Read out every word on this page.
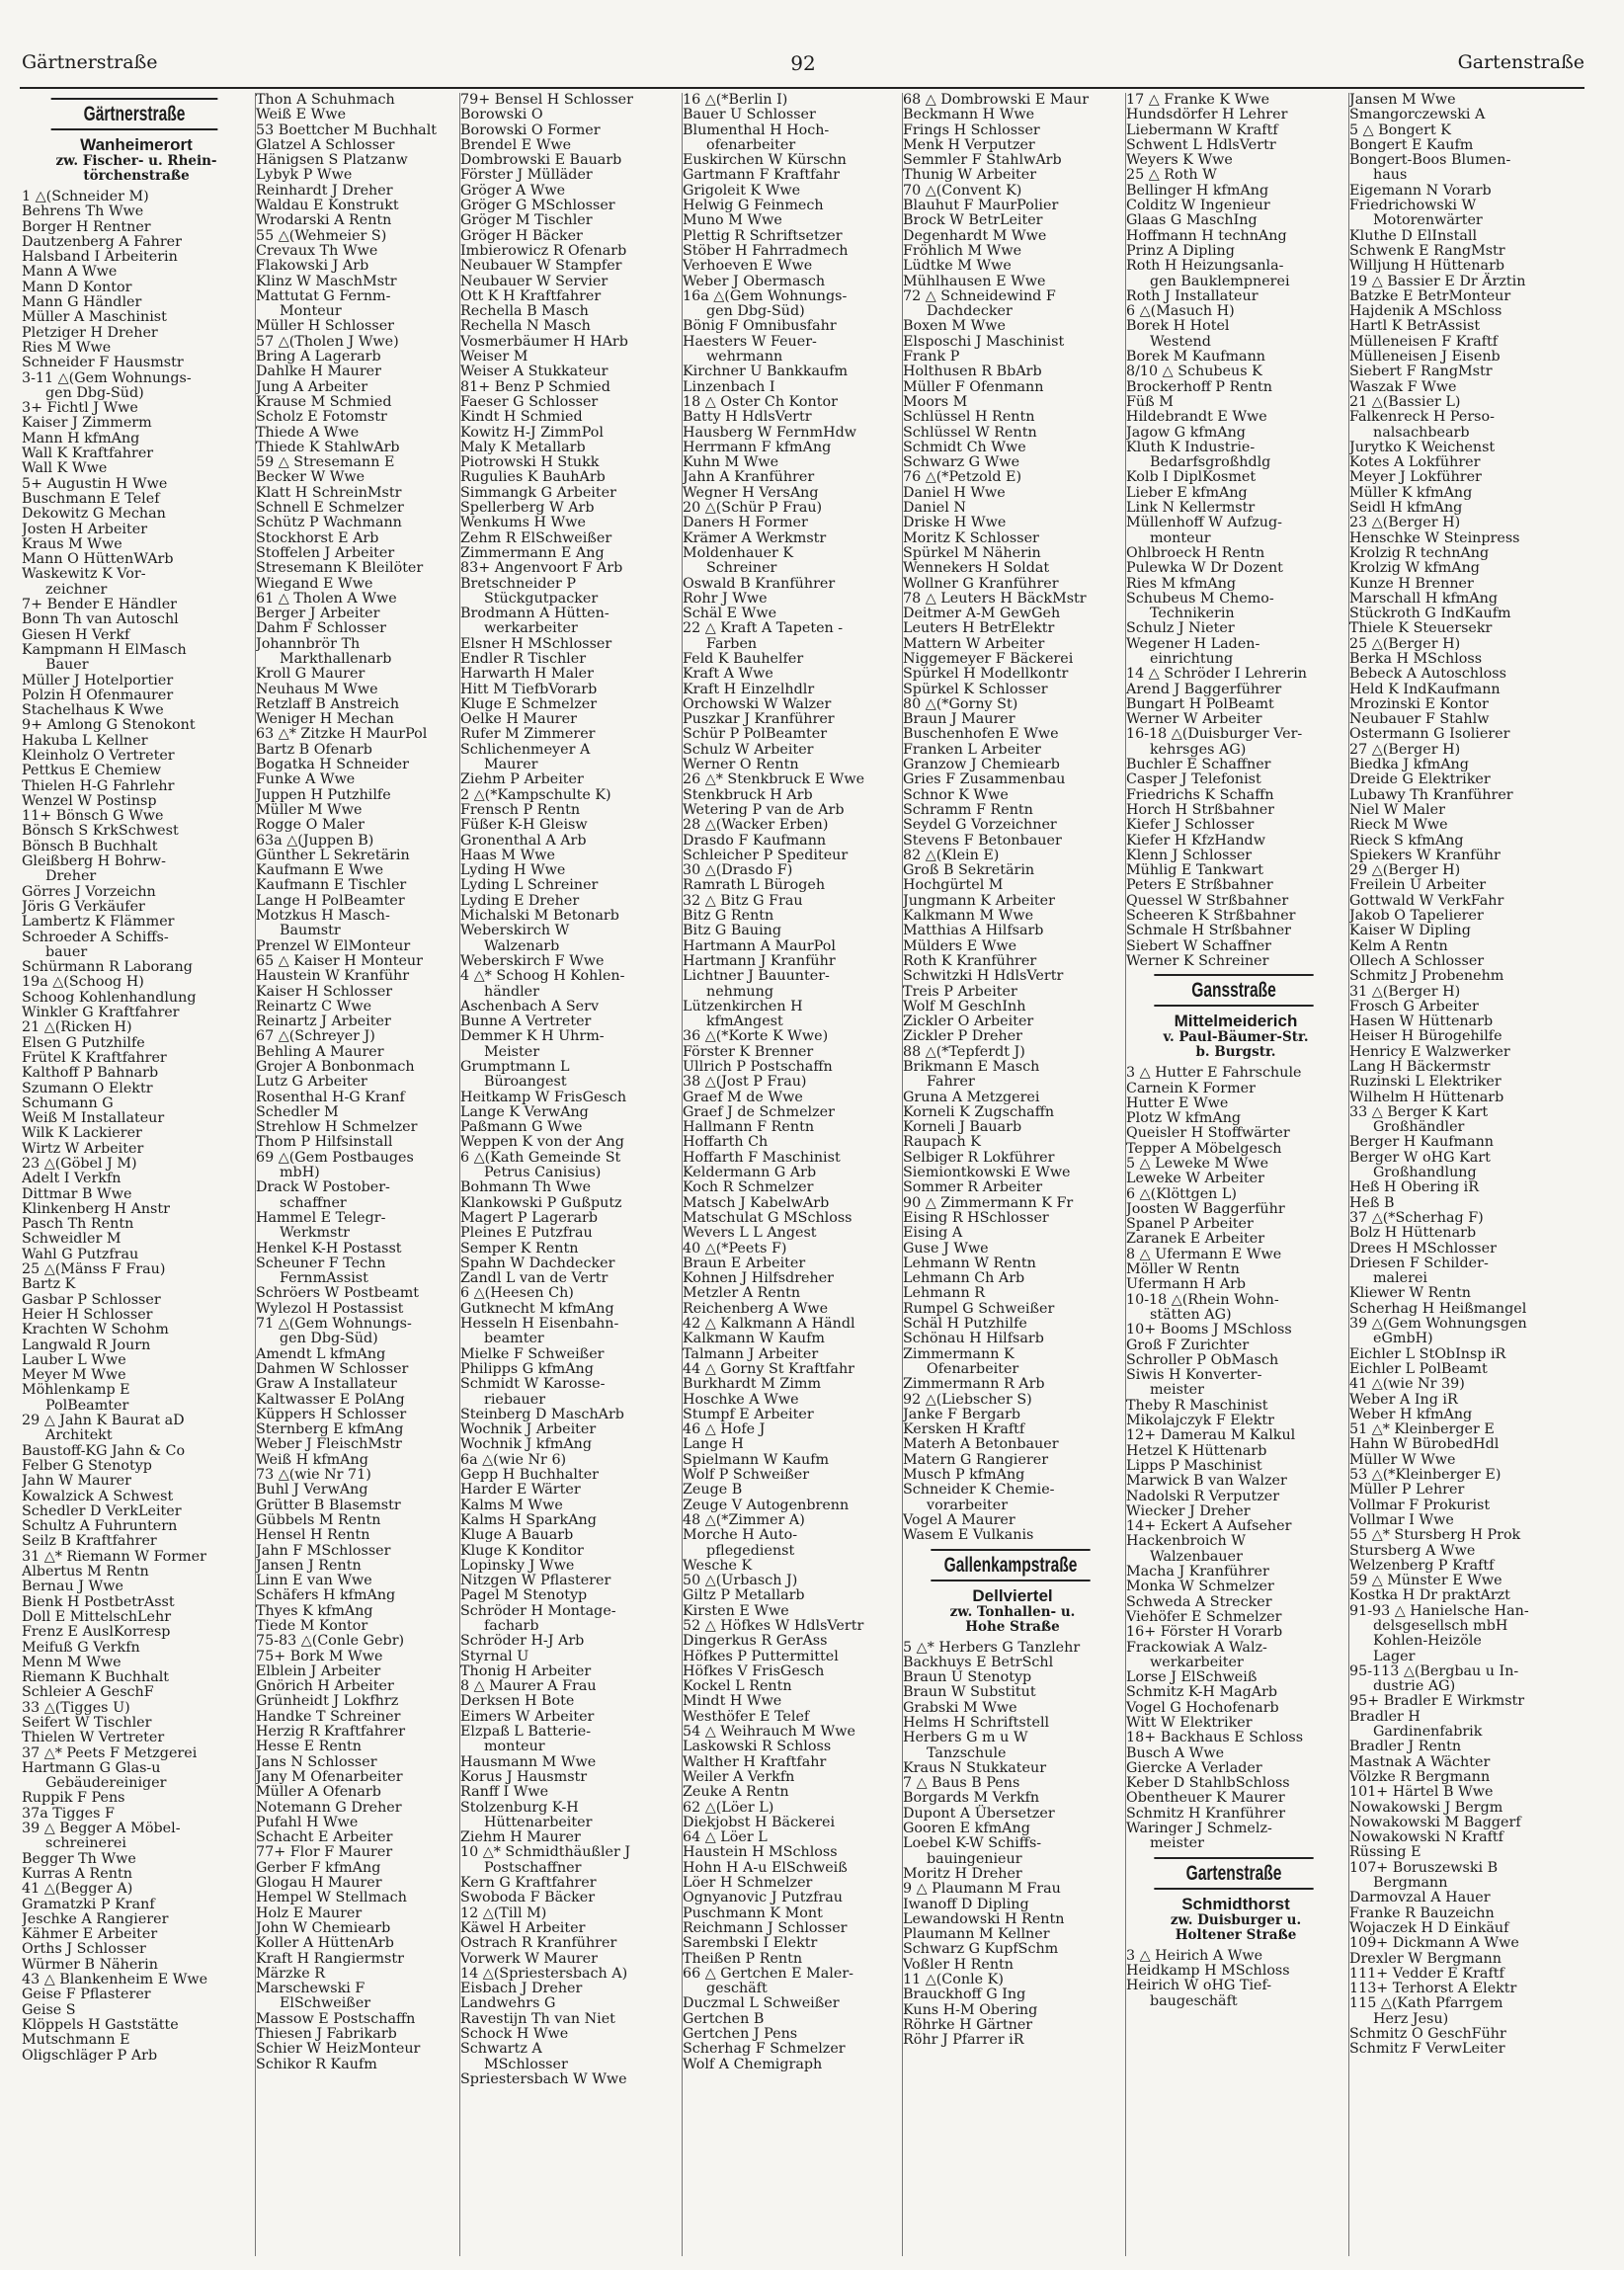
Gärtnerstraße	92	Gartenstraße
Gärtnerstraße
Wanheimerort
zw. Fischer- u. Rhein-
törchenstraße
1 △(Schneider M)
Behrens Th Wwe
Borger H Rentner
Dautzenberg A Fahrer
Halsband I Arbeiterin
Mann A Wwe
Mann D Kontor
Mann G Händler
Müller A Maschinist
Pletziger H Dreher
Ries M Wwe
Schneider F Hausmstr
3-11 △(Gem Wohnungs-
gen Dbg-Süd)
3+ Fichtl J Wwe
Kaiser J Zimmerm
Mann H kfmAng
Wall K Kraftfahrer
Wall K Wwe
5+ Augustin H Wwe
Buschmann E Telef
Dekowitz G Mechan
Josten H Arbeiter
Kraus M Wwe
Mann O HüttenWArb
Waskewitz K Vor-
zeichner
7+ Bender E Händler
Bonn Th van Autoschl
Giesen H Verkf
Kampmann H ElMasch
Bauer
Müller J Hotelportier
Polzin H Ofenmaurer
Stachelhaus K Wwe
9+ Amlong G Stenokont
Hakuba L Kellner
Kleinholz O Vertreter
Pettkus E Chemiew
Thielen H-G Fahrlehr
Wenzel W Postinsp
11+ Bönsch G Wwe
Bönsch S KrkSchwest
Bönsch B Buchhalt
Gleißberg H Bohrw-
Dreher
Görres J Vorzeichn
Jöris G Verkäufer
Lambertz K Flämmer
Schroeder A Schiffs-
bauer
Schürmann R Laborang
19a △(Schoog H)
Schoog Kohlenhandlung
Winkler G Kraftfahrer
21 △(Ricken H)
Elsen G Putzhilfe
Frütel K Kraftfahrer
Kalthoff P Bahnarb
Szumann O Elektr
Schumann G
Weiß M Installateur
Wilk K Lackierer
Wirtz W Arbeiter
23 △(Göbel J M)
Adelt I Verkfn
Dittmar B Wwe
Klinkenberg H Anstr
Pasch Th Rentn
Schweidler M
Wahl G Putzfrau
25 △(Mänss F Frau)
Bartz K
Gasbar P Schlosser
Heier H Schlosser
Krachten W Schohm
Langwald R Journ
Lauber L Wwe
Meyer M Wwe
Möhlenkamp E
PolBeamter
29 △ Jahn K Baurat aD
Architekt
Baustoff-KG Jahn & Co
Felber G Stenotyp
Jahn W Maurer
Kowalzick A Schwest
Schedler D VerkLeiter
Schultz A Fuhruntern
Seilz B Kraftfahrer
31 △* Riemann W Former
Albertus M Rentn
Bernau J Wwe
Bienk H PostbetrAsst
Doll E MittelschLehr
Frenz E AuslKorresp
Meifuß G Verkfn
Menn M Wwe
Riemann K Buchhalt
Schleier A GeschF
33 △(Tigges U)
Seifert W Tischler
Thielen W Vertreter
37 △* Peets F Metzgerei
Hartmann G Glas-u
Gebäudereiniger
Ruppik F Pens
37a Tigges F
39 △ Begger A Möbel-
schreinerei
Begger Th Wwe
Kurras A Rentn
41 △(Begger A)
Gramatzki P Kranf
Jeschke A Rangierer
Kähmer E Arbeiter
Orths J Schlosser
Würmer B Näherin
43 △ Blankenheim E Wwe
Geise F Pflasterer
Geise S
Klöppels H Gaststätte
Mutschmann E
Oligschläger P Arb
Thon A Schuhmach
Weiß E Wwe
53 Boettcher M Buchhalt
Glatzel A Schlosser
Hänigsen S Platzanw
Lybyk P Wwe
Reinhardt J Dreher
Waldau E Konstrukt
Wrodarski A Rentn
55 △(Wehmeier S)
Crevaux Th Wwe
Flakowski J Arb
Klinz W MaschMstr
Mattutat G Fernm-
Monteur
Müller H Schlosser
57 △(Tholen J Wwe)
Bring A Lagerarb
Dahlke H Maurer
Jung A Arbeiter
Krause M Schmied
Scholz E Fotomstr
Thiede A Wwe
Thiede K StahlwArb
59 △ Stresemann E
Becker W Wwe
Klatt H SchreinMstr
Schnell E Schmelzer
Schütz P Wachmann
Stockhorst E Arb
Stoffelen J Arbeiter
Stresemann K Bleilöter
Wiegand E Wwe
61 △ Tholen A Wwe
Berger J Arbeiter
Dahm F Schlosser
Johannbrör Th
Markthallenarb
Kroll G Maurer
Neuhaus M Wwe
Retzlaff B Anstreich
Weniger H Mechan
63 △* Zitzke H MaurPol
Bartz B Ofenarb
Bogatka H Schneider
Funke A Wwe
Juppen H Putzhilfe
Müller M Wwe
Rogge O Maler
63a △(Juppen B)
Günther L Sekretärin
Kaufmann E Wwe
Kaufmann E Tischler
Lange H PolBeamter
Motzkus H Masch-
Baumstr
Prenzel W ElMonteur
65 △ Kaiser H Monteur
Haustein W Kranführ
Kaiser H Schlosser
Reinartz C Wwe
Reinartz J Arbeiter
67 △(Schreyer J)
Behling A Maurer
Grojer A Bonbonmach
Lutz G Arbeiter
Rosenthal H-G Kranf
Schedler M
Strehlow H Schmelzer
Thom P Hilfsinstall
69 △(Gem Postbauges
mbH)
Drack W Postober-
schaffner
Hammel E Telegr-
Werkmstr
Henkel K-H Postasst
Scheuner F Techn
FernmAssist
Schröers W Postbeamt
Wylezol H Postassist
71 △(Gem Wohnungs-
gen Dbg-Süd)
Amendt L kfmAng
Dahmen W Schlosser
Graw A Installateur
Kaltwasser E PolAng
Küppers H Schlosser
Sternberg E kfmAng
Weber J FleischMstr
Weiß H kfmAng
73 △(wie Nr 71)
Buhl J VerwAng
Grütter B Blasemstr
Gübbels M Rentn
Hensel H Rentn
Jahn F MSchlosser
Jansen J Rentn
Linn E van Wwe
Schäfers H kfmAng
Thyes K kfmAng
Tiede M Kontor
75-83 △(Conle Gebr)
75+ Bork M Wwe
Elblein J Arbeiter
Gnörich H Arbeiter
Grünheidt J Lokfhrz
Handke T Schreiner
Herzig R Kraftfahrer
Hesse E Rentn
Jans N Schlosser
Jany M Ofenarbeiter
Müller A Ofenarb
Notemann G Dreher
Pufahl H Wwe
Schacht E Arbeiter
77+ Flor F Maurer
Gerber F kfmAng
Glogau H Maurer
Hempel W Stellmach
Holz E Maurer
John W Chemiearb
Koller A HüttenArb
Kraft H Rangiermstr
Märzke R
Marschewski F
ElSchweißer
Massow E Postschaffn
Thiesen J Fabrikarb
Schier W HeizMonteur
Schikor R Kaufm
79+ Bensel H Schlosser
Borowski O
Borowski O Former
Brendel E Wwe
Dombrowski E Bauarb
Förster J Mülläder
Gröger A Wwe
Gröger G MSchlosser
Gröger M Tischler
Gröger H Bäcker
Imbierowicz R Ofenarb
Neubauer W Stampfer
Neubauer W Servier
Ott K H Kraftfahrer
Rechella B Masch
Rechella N Masch
Vosmerbäumer H HArb
Weiser M
Weiser A Stukkateur
81+ Benz P Schmied
Faeser G Schlosser
Kindt H Schmied
Kowitz H-J ZimmPol
Maly K Metallarb
Piotrowski H Stukk
Rugulies K BauhArb
Simmangk G Arbeiter
Spellerberg W Arb
Wenkums H Wwe
Zehm R ElSchweißer
Zimmermann E Ang
83+ Angenvoort F Arb
Bretschneider P
Stückgutpacker
Brodmann A Hütten-
werkarbeiter
Elsner H MSchlosser
Endler R Tischler
Harwarth H Maler
Hitt M TiefbVorarb
Kluge E Schmelzer
Oelke H Maurer
Rufer M Zimmerer
Schlichenmeyer A
Maurer
Ziehm P Arbeiter
2 △(*Kampschulte K)
Frensch P Rentn
Füßer K-H Gleisw
Gronenthal A Arb
Haas M Wwe
Lyding H Wwe
Lyding L Schreiner
Lyding E Dreher
Michalski M Betonarb
Weberskirch W
Walzenarb
Weberskirch F Wwe
4 △* Schoog H Kohlen-
händler
Aschenbach A Serv
Bunne A Vertreter
Demmer K H Uhrm-
Meister
Grumptmann L
Büroangest
Heitkamp W FrisGesch
Lange K VerwAng
Paßmann G Wwe
Weppen K von der Ang
6 △(Kath Gemeinde St
Petrus Canisius)
Bohmann Th Wwe
Klankowski P Gußputz
Magert P Lagerarb
Pleines E Putzfrau
Semper K Rentn
Spahn W Dachdecker
Zandl L van de Vertr
6 △(Heesen Ch)
Gutknecht M kfmAng
Hesseln H Eisenbahn-
beamter
Mielke F Schweißer
Philipps G kfmAng
Schmidt W Karosse-
riebauer
Steinberg D MaschArb
Wochnik J Arbeiter
Wochnik J kfmAng
6a △(wie Nr 6)
Gepp H Buchhalter
Harder E Wärter
Kalms M Wwe
Kalms H SparkAng
Kluge A Bauarb
Kluge K Konditor
Lopinsky J Wwe
Nitzgen W Pflasterer
Pagel M Stenotyp
Schröder H Montage-
facharb
Schröder H-J Arb
Styrnal U
Thonig H Arbeiter
8 △ Maurer A Frau
Derksen H Bote
Eimers W Arbeiter
Elzpaß L Batterie-
monteur
Hausmann M Wwe
Korus J Hausmstr
Ranff I Wwe
Stolzenburg K-H
Hüttenarbeiter
Ziehm H Maurer
10 △* Schmidthäußler J
Postschaffner
Kern G Kraftfahrer
Swoboda F Bäcker
12 △(Till M)
Käwel H Arbeiter
Ostrach R Kranführer
Vorwerk W Maurer
14 △(Spriestersbach A)
Eisbach J Dreher
Landwehrs G
Ravestijn Th van Niet
Schock H Wwe
Schwartz A
MSchlosser
Spriestersbach W Wwe
16 △(*Berlin I)
Bauer U Schlosser
Blumenthal H Hoch-
ofenarbeiter
Euskirchen W Kürschn
Gartmann F Kraftfahr
Grigoleit K Wwe
Helwig G Feinmech
Muno M Wwe
Plettig R Schriftsetzer
Stöber H Fahrradmech
Verhoeven E Wwe
Weber J Obermasch
16a △(Gem Wohnungs-
gen Dbg-Süd)
Bönig F Omnibusfahr
Haesters W Feuer-
wehrmann
Kirchner U Bankkaufm
Linzenbach I
18 △ Oster Ch Kontor
Batty H HdlsVertr
Hausberg W FernmHdw
Herrmann F kfmAng
Kuhn M Wwe
Jahn A Kranführer
Wegner H VersAng
20 △(Schür P Frau)
Daners H Former
Krämer A Werkmstr
Moldenhauer K
Schreiner
Oswald B Kranführer
Rohr J Wwe
Schäl E Wwe
22 △ Kraft A Tapeten -
Farben
Feld K Bauhelfer
Kraft A Wwe
Kraft H Einzelhdlr
Orchowski W Walzer
Puszkar J Kranführer
Schür P PolBeamter
Schulz W Arbeiter
Werner O Rentn
26 △* Stenkbruck E Wwe
Stenkbruck H Arb
Wetering P van de Arb
28 △(Wacker Erben)
Drasdo F Kaufmann
Schleicher P Spediteur
30 △(Drasdo F)
Ramrath L Bürogeh
32 △ Bitz G Frau
Bitz G Rentn
Bitz G Bauing
Hartmann A MaurPol
Hartmann J Kranführ
Lichtner J Bauunter-
nehmung
Lützenkirchen H
kfmAngest
36 △(*Korte K Wwe)
Förster K Brenner
Ullrich P Postschaffn
38 △(Jost P Frau)
Graef M de Wwe
Graef J de Schmelzer
Hallmann F Rentn
Hoffarth Ch
Hoffarth F Maschinist
Keldermann G Arb
Koch R Schmelzer
Matsch J KabelwArb
Matschulat G MSchloss
Wevers L L Angest
40 △(*Peets F)
Braun E Arbeiter
Kohnen J Hilfsdreher
Metzler A Rentn
Reichenberg A Wwe
42 △ Kalkmann A Händl
Kalkmann W Kaufm
Talmann J Arbeiter
44 △ Gorny St Kraftfahr
Burkhardt M Zimm
Hoschke A Wwe
Stumpf E Arbeiter
46 △ Hofe J
Lange H
Spielmann W Kaufm
Wolf P Schweißer
Zeuge B
Zeuge V Autogenbrenn
48 △(*Zimmer A)
Morche H Auto-
pflegedienst
Wesche K
50 △(Urbasch J)
Giltz P Metallarb
Kirsten E Wwe
52 △ Höfkes W HdlsVertr
Dingerkus R GerAss
Höfkes P Puttermittel
Höfkes V FrisGesch
Kockel L Rentn
Mindt H Wwe
Westhöfer E Telef
54 △ Weihrauch M Wwe
Laskowski R Schloss
Walther H Kraftfahr
Weiler A Verkfn
Zeuke A Rentn
62 △(Löer L)
Diekjobst H Bäckerei
64 △ Löer L
Haustein H MSchloss
Hohn H A-u ElSchweiß
Löer H Schmelzer
Ognyanovic J Putzfrau
Puschmann K Mont
Reichmann J Schlosser
Sarembski I Elektr
Theißen P Rentn
66 △ Gertchen E Maler-
geschäft
Duczmal L Schweißer
Gertchen B
Gertchen J Pens
Scherhag F Schmelzer
Wolf A Chemigraph
68 △ Dombrowski E Maur
Beckmann H Wwe
Frings H Schlosser
Menk H Verputzer
Semmler F StahlwArb
Thunig W Arbeiter
70 △(Convent K)
Blauhut F MaurPolier
Brock W BetrLeiter
Degenhardt M Wwe
Fröhlich M Wwe
Lüdtke M Wwe
Mühlhausen E Wwe
72 △ Schneidewind F
Dachdecker
Boxen M Wwe
Elsposchi J Maschinist
Frank P
Holthusen R BbArb
Müller F Ofenmann
Moors M
Schlüssel H Rentn
Schlüssel W Rentn
Schmidt Ch Wwe
Schwarz G Wwe
76 △(*Petzold E)
Daniel H Wwe
Daniel N
Driske H Wwe
Moritz K Schlosser
Spürkel M Näherin
Wennekers H Soldat
Wollner G Kranführer
78 △ Leuters H BäckMstr
Deitmer A-M GewGeh
Leuters H BetrElektr
Mattern W Arbeiter
Niggemeyer F Bäckerei
Spürkel H Modellkontr
Spürkel K Schlosser
80 △(*Gorny St)
Braun J Maurer
Buschenhofen E Wwe
Franken L Arbeiter
Granzow J Chemiearb
Gries F Zusammenbau
Schnor K Wwe
Schramm F Rentn
Seydel G Vorzeichner
Stevens F Betonbauer
82 △(Klein E)
Groß B Sekretärin
Hochgürtel M
Jungmann K Arbeiter
Kalkmann M Wwe
Matthias A Hilfsarb
Mülders E Wwe
Roth K Kranführer
Schwitzki H HdlsVertr
Treis P Arbeiter
Wolf M GeschInh
Zickler O Arbeiter
Zickler P Dreher
88 △(*Tepferdt J)
Brikmann E Masch
Fahrer
Gruna A Metzgerei
Korneli K Zugschaffn
Korneli J Bauarb
Raupach K
Selbiger R Lokführer
Siemiontkowski E Wwe
Sommer R Arbeiter
90 △ Zimmermann K Fr
Eising R HSchlosser
Eising A
Guse J Wwe
Lehmann W Rentn
Lehmann Ch Arb
Lehmann R
Rumpel G Schweißer
Schäl H Putzhilfe
Schönau H Hilfsarb
Zimmermann K
Ofenarbeiter
Zimmermann R Arb
92 △(Liebscher S)
Janke F Bergarb
Kersken H Kraftf
Materh A Betonbauer
Matern G Rangierer
Musch P kfmAng
Schneider K Chemie-
vorarbeiter
Vogel A Maurer
Wasem E Vulkanis
Gallenkampstraße
Dellviertel
zw. Tonhallen- u.
Hohe Straße
5 △* Herbers G Tanzlehr
Backhuys E BetrSchl
Braun U Stenotyp
Braun W Substitut
Grabski M Wwe
Helms H Schriftstell
Herbers G m u W
Tanzschule
Kraus N Stukkateur
7 △ Baus B Pens
Borgards M Verkfn
Dupont A Übersetzer
Gooren E kfmAng
Loebel K-W Schiffs-
bauingenieur
Moritz H Dreher
9 △ Plaumann M Frau
Iwanoff D Dipling
Lewandowski H Rentn
Plaumann M Kellner
Schwarz G KupfSchm
Voßler H Rentn
11 △(Conle K)
Brauckhoff G Ing
Kuns H-M Obering
Röhrke H Gärtner
Röhr J Pfarrer iR
17 △ Franke K Wwe
Hundsdörfer H Lehrer
Liebermann W Kraftf
Schwent L HdlsVertr
Weyers K Wwe
25 △ Roth W
Bellinger H kfmAng
Colditz W Ingenieur
Glaas G MaschIng
Hoffmann H technAng
Prinz A Dipling
Roth H Heizungsanla-
gen Bauklempnerei
Roth J Installateur
6 △(Masuch H)
Borek H Hotel
Westend
Borek M Kaufmann
8/10 △ Schubeus K
Brockerhoff P Rentn
Füß M
Hildebrandt E Wwe
Jagow G kfmAng
Kluth K Industrie-
Bedarfsgroßhdlg
Kolb I DiplKosmet
Lieber E kfmAng
Link N Kellermstr
Müllenhoff W Aufzug-
monteur
Ohlbroeck H Rentn
Pulewka W Dr Dozent
Ries M kfmAng
Schubeus M Chemo-
Technikerin
Schulz J Nieter
Wegener H Laden-
einrichtung
14 △ Schröder I Lehrerin
Arend J Baggerführer
Bungart H PolBeamt
Werner W Arbeiter
16-18 △(Duisburger Ver-
kehrsges AG)
Buchler E Schaffner
Casper J Telefonist
Friedrichs K Schaffn
Horch H Strßbahner
Kiefer J Schlosser
Kiefer H KfzHandw
Klenn J Schlosser
Mühlig E Tankwart
Peters E Strßbahner
Quessel W Strßbahner
Scheeren K Strßbahner
Schmale H Strßbahner
Siebert W Schaffner
Werner K Schreiner
Gansstraße
Mittelmeiderich
v. Paul-Bäumer-Str.
b. Burgstr.
3 △ Hutter E Fahrschule
Carnein K Former
Hutter E Wwe
Plotz W kfmAng
Queisler H Stoffwärter
Tepper A Möbelgesch
5 △ Leweke M Wwe
Leweke W Arbeiter
6 △(Klöttgen L)
Joosten W Baggerführ
Spanel P Arbeiter
Zaranek E Arbeiter
8 △ Ufermann E Wwe
Möller W Rentn
Ufermann H Arb
10-18 △(Rhein Wohn-
stätten AG)
10+ Booms J MSchloss
Groß F Zurichter
Schroller P ObMasch
Siwis H Konverter-
meister
Theby R Maschinist
Mikolajczyk F Elektr
12+ Damerau M Kalkul
Hetzel K Hüttenarb
Lipps P Maschinist
Marwick B van Walzer
Nadolski R Verputzer
Wiecker J Dreher
14+ Eckert A Aufseher
Hackenbroich W
Walzenbauer
Macha J Kranführer
Monka W Schmelzer
Schweda A Strecker
Viehöfer E Schmelzer
16+ Förster H Vorarb
Frackowiak A Walz-
werkarbeiter
Lorse J ElSchweiß
Schmitz K-H MagArb
Vogel G Hochofenarb
Witt W Elektriker
18+ Backhaus E Schloss
Busch A Wwe
Giercke A Verlader
Keber D StahlbSchloss
Obentheuer K Maurer
Schmitz H Kranführer
Waringer J Schmelz-
meister
Gartenstraße
Schmidthorst
zw. Duisburger u.
Holtener Straße
3 △ Heirich A Wwe
Heidkamp H MSchloss
Heirich W oHG Tief-
baugeschäft
Jansen M Wwe
Smangorczewski A
5 △ Bongert K
Bongert E Kaufm
Bongert-Boos Blumen-
haus
Eigemann N Vorarb
Friedrichowski W
Motorenwärter
Kluthe D ElInstall
Schwenk E RangMstr
Willjung H Hüttenarb
19 △ Bassier E Dr Ärztin
Batzke E BetrMonteur
Hajdenik A MSchloss
Hartl K BetrAssist
Mülleneisen F Kraftf
Mülleneisen J Eisenb
Siebert F RangMstr
Waszak F Wwe
21 △(Bassier L)
Falkenreck H Perso-
nalsachbearb
Jurytko K Weichenst
Kotes A Lokführer
Meyer J Lokführer
Müller K kfmAng
Seidl H kfmAng
23 △(Berger H)
Henschke W Steinpress
Krolzig R technAng
Krolzig W kfmAng
Kunze H Brenner
Marschall H kfmAng
Stückroth G IndKaufm
Thiele K Steuersekr
25 △(Berger H)
Berka H MSchloss
Bebeck A Autoschloss
Held K IndKaufmann
Mrozinski E Kontor
Neubauer F Stahlw
Ostermann G Isolierer
27 △(Berger H)
Biedka J kfmAng
Dreide G Elektriker
Lubawy Th Kranführer
Niel W Maler
Rieck M Wwe
Rieck S kfmAng
Spiekers W Kranführ
29 △(Berger H)
Freilein U Arbeiter
Gottwald W VerkFahr
Jakob O Tapelierer
Kaiser W Dipling
Kelm A Rentn
Ollech A Schlosser
Schmitz J Probenehm
31 △(Berger H)
Frosch G Arbeiter
Hasen W Hüttenarb
Heiser H Bürogehilfe
Henricy E Walzwerker
Lang H Bäckermstr
Ruzinski L Elektriker
Wilhelm H Hüttenarb
33 △ Berger K Kart
Großhändler
Berger H Kaufmann
Berger W oHG Kart
Großhandlung
Heß H Obering iR
Heß B
37 △(*Scherhag F)
Bolz H Hüttenarb
Drees H MSchlosser
Driesen F Schilder-
malerei
Kliewer W Rentn
Scherhag H Heißmangel
39 △(Gem Wohnungsgen
eGmbH)
Eichler L StObInsp iR
Eichler L PolBeamt
41 △(wie Nr 39)
Weber A Ing iR
Weber H kfmAng
51 △* Kleinberger E
Hahn W BürobedHdl
Müller W Wwe
53 △(*Kleinberger E)
Müller P Lehrer
Vollmar F Prokurist
Vollmar I Wwe
55 △* Stursberg H Prok
Stursberg A Wwe
Welzenberg P Kraftf
59 △ Münster E Wwe
Kostka H Dr praktArzt
91-93 △ Hanielsche Han-
delsgesellsch mbH
Kohlen-Heizöle
Lager
95-113 △(Bergbau u In-
dustrie AG)
95+ Bradler E Wirkmstr
Bradler H
Gardinenfabrik
Bradler J Rentn
Mastnak A Wächter
Völzke R Bergmann
101+ Härtel B Wwe
Nowakowski J Bergm
Nowakowski M Baggerf
Nowakowski N Kraftf
Rüssing E
107+ Boruszewski B
Bergmann
Darmovzal A Hauer
Franke R Bauzeichn
Wojaczek H D Einkäuf
109+ Dickmann A Wwe
Drexler W Bergmann
111+ Vedder E Kraftf
113+ Terhorst A Elektr
115 △(Kath Pfarrgem
Herz Jesu)
Schmitz O GeschFühr
Schmitz F VerwLeiter
